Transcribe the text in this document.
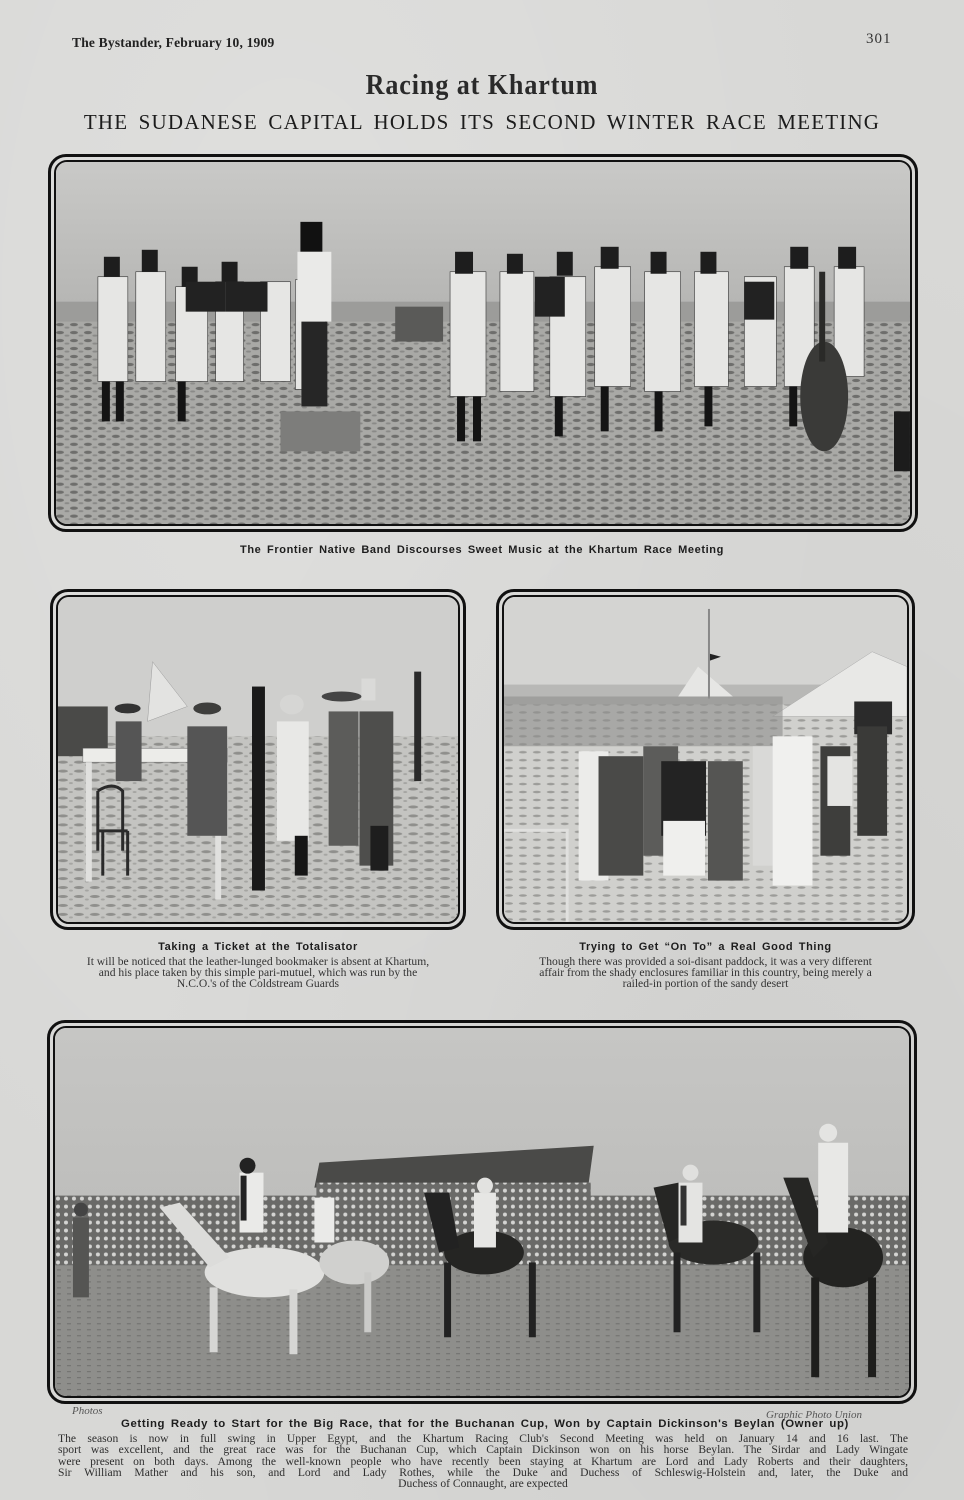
The Bystander, February 10, 1909	301
Racing at Khartum
THE SUDANESE CAPITAL HOLDS ITS SECOND WINTER RACE MEETING
The Frontier Native Band Discourses Sweet Music at the Khartum Race Meeting
Taking a Ticket at the Totalisator
It will be noticed that the leather-lunged bookmaker is absent at Khartum,
and his place taken by this simple pari-mutuel, which was run by the
N.C.O.'s of the Coldstream Guards
Trying to Get “On To” a Real Good Thing
Though there was provided a soi-disant paddock, it was a very different
affair from the shady enclosures familiar in this country, being merely a
railed-in portion of the sandy desert
Photos	Graphic Photo Union
Getting Ready to Start for the Big Race, that for the Buchanan Cup, Won by Captain Dickinson's Beylan (Owner up)
The season is now in full swing in Upper Egypt, and the Khartum Racing Club's Second Meeting was held on January 14 and 16 last. The
sport was excellent, and the great race was for the Buchanan Cup, which Captain Dickinson won on his horse Beylan. The Sirdar and Lady Wingate
were present on both days. Among the well-known people who have recently been staying at Khartum are Lord and Lady Roberts and their daughters,
Sir William Mather and his son, and Lord and Lady Rothes, while the Duke and Duchess of Schleswig-Holstein and, later, the Duke and
Duchess of Connaught, are expected
